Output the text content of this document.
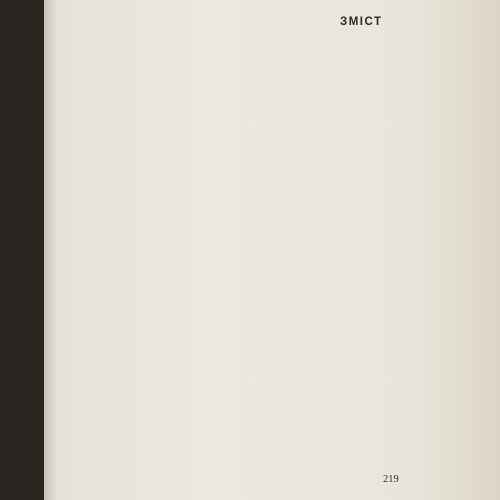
ЗМІСТ
219
